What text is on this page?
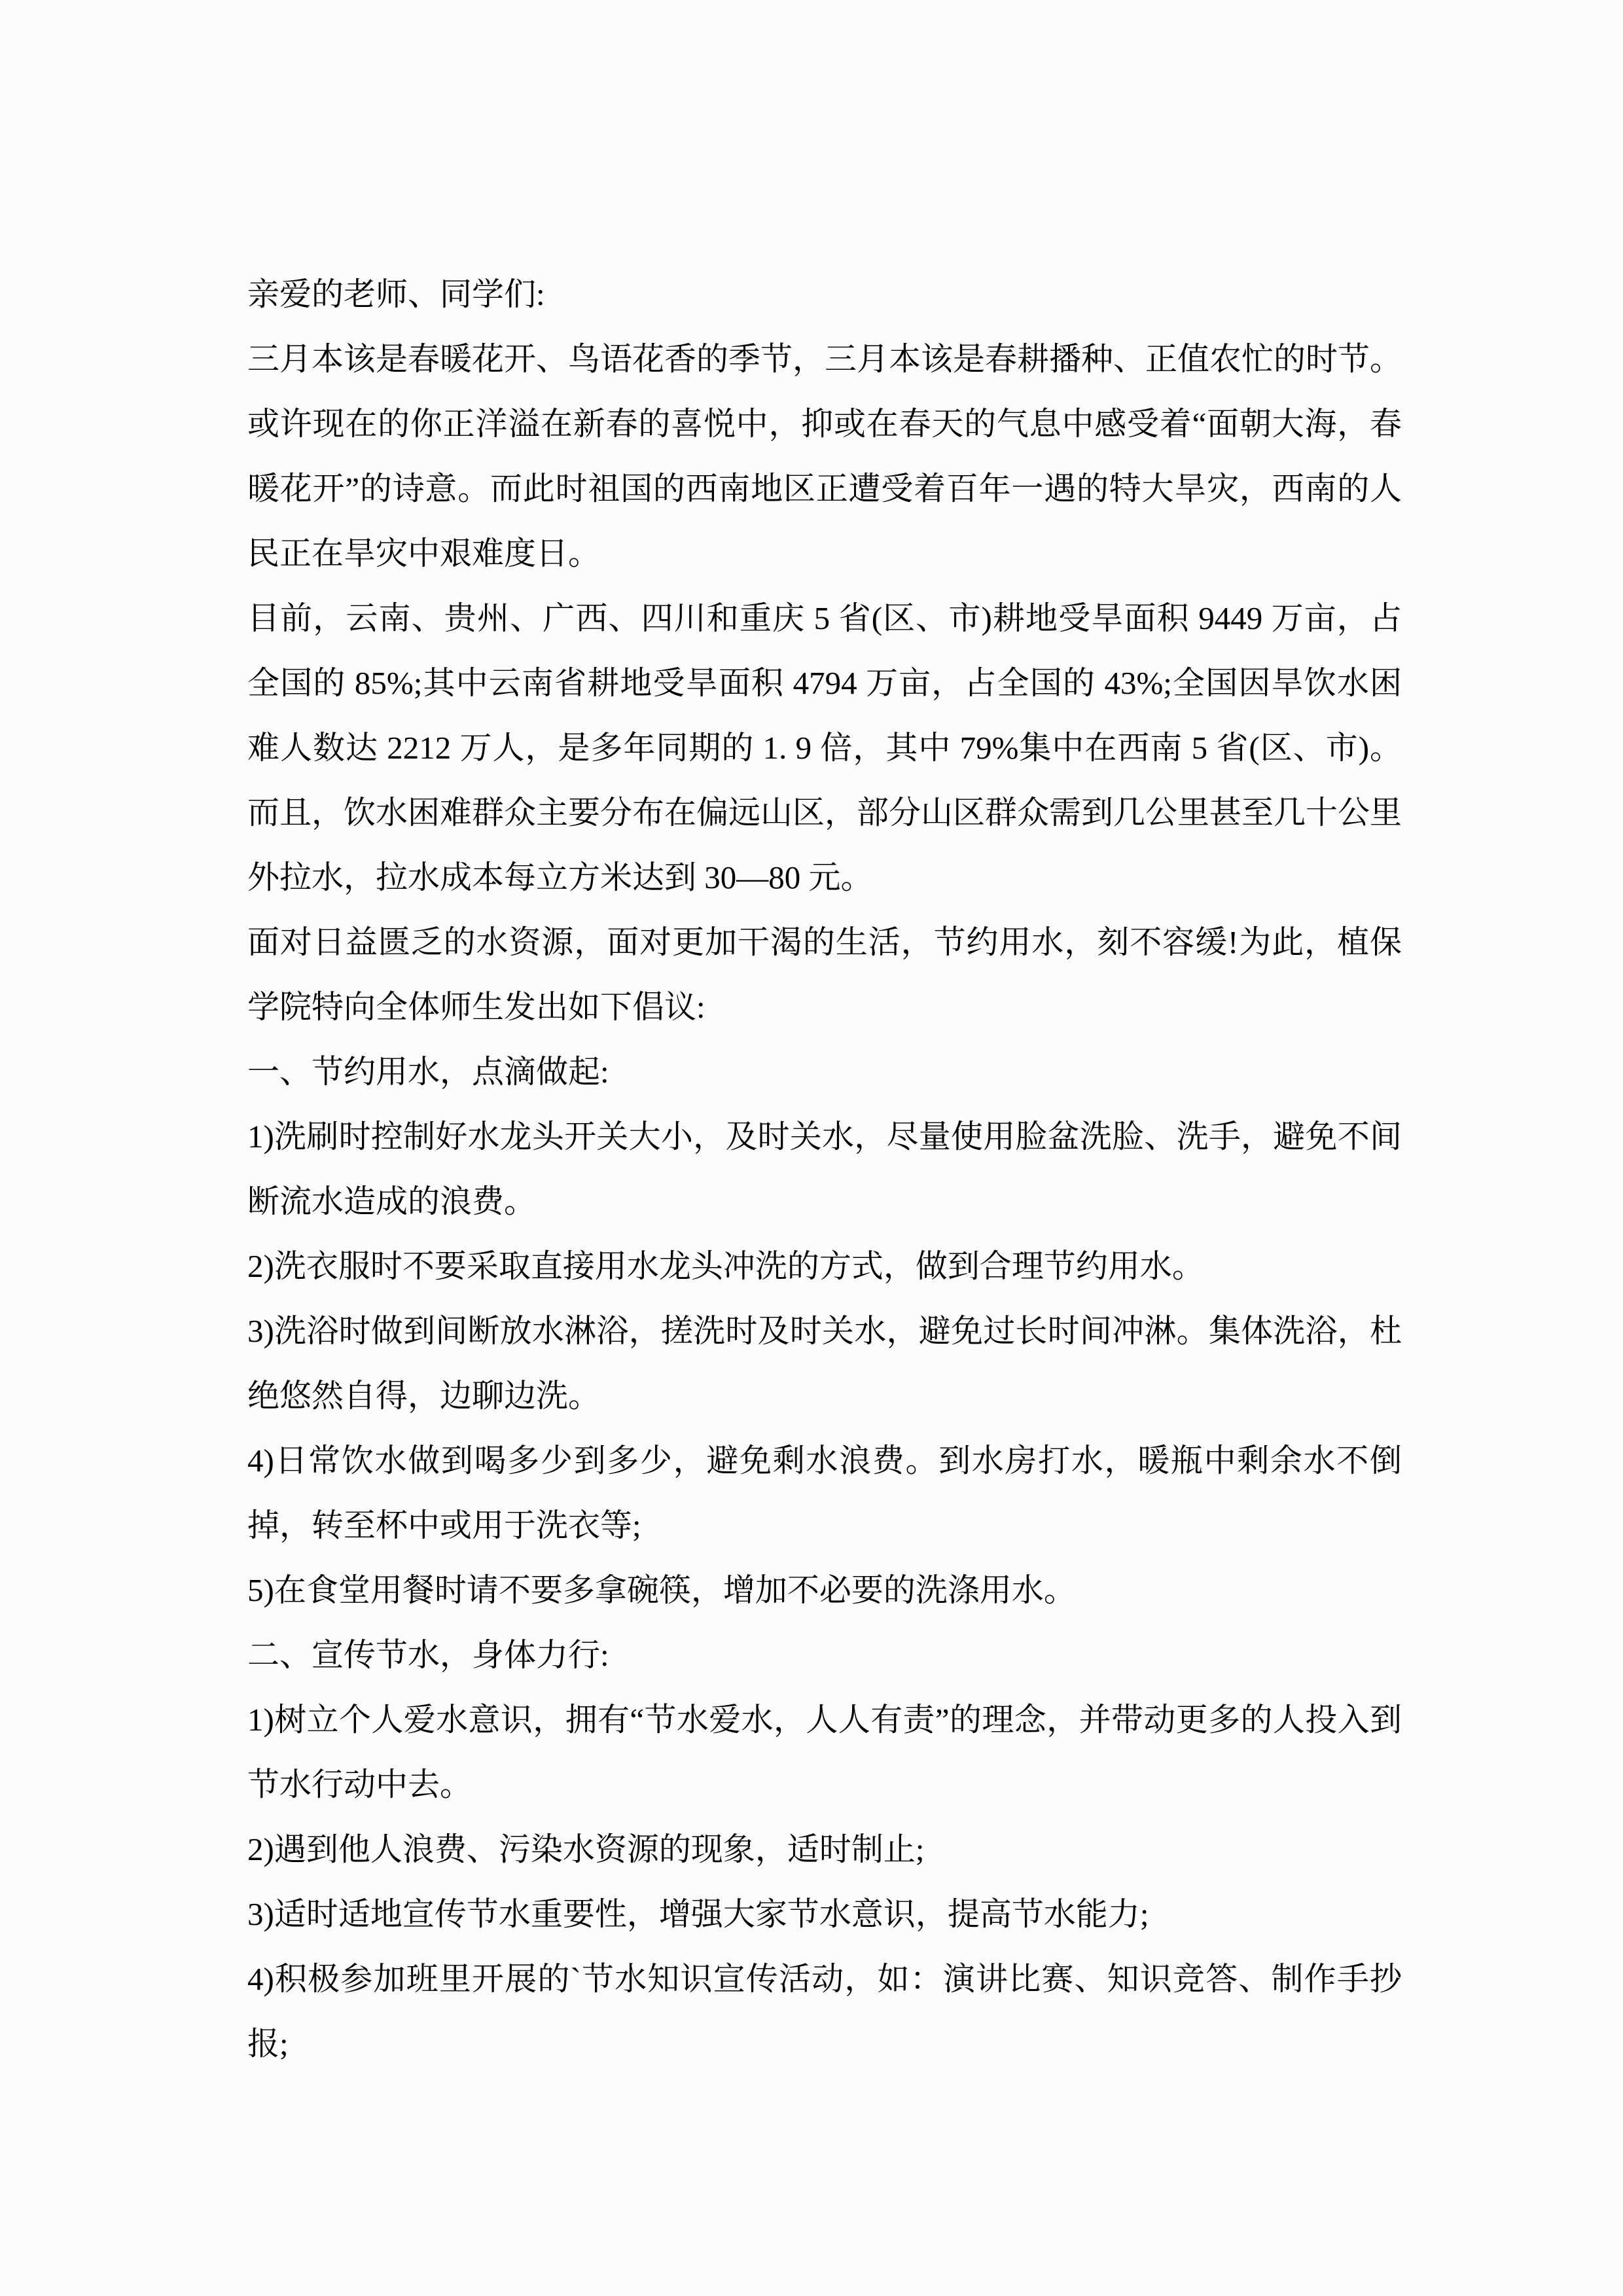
亲爱的老师、同学们:

三月本该是春暖花开、鸟语花香的季节，三月本该是春耕播种、正值农忙的时节。或许现在的你正洋溢在新春的喜悦中，抑或在春天的气息中感受着“面朝大海，春暖花开”的诗意。而此时祖国的西南地区正遭受着百年一遇的特大旱灾，西南的人民正在旱灾中艰难度日。

目前，云南、贵州、广西、四川和重庆 5 省(区、市)耕地受旱面积 9449 万亩，占全国的 85%;其中云南省耕地受旱面积 4794 万亩，占全国的 43%;全国因旱饮水困难人数达 2212 万人，是多年同期的 1. 9 倍，其中 79%集中在西南 5 省(区、市)。而且，饮水困难群众主要分布在偏远山区，部分山区群众需到几公里甚至几十公里外拉水，拉水成本每立方米达到 30—80 元。

面对日益匮乏的水资源，面对更加干渴的生活，节约用水，刻不容缓!为此，植保学院特向全体师生发出如下倡议:

一、节约用水，点滴做起:

1)洗刷时控制好水龙头开关大小，及时关水，尽量使用脸盆洗脸、洗手，避免不间断流水造成的浪费。

2)洗衣服时不要采取直接用水龙头冲洗的方式，做到合理节约用水。

3)洗浴时做到间断放水淋浴，搓洗时及时关水，避免过长时间冲淋。集体洗浴，杜绝悠然自得，边聊边洗。

4)日常饮水做到喝多少到多少，避免剩水浪费。到水房打水，暖瓶中剩余水不倒掉，转至杯中或用于洗衣等;

5)在食堂用餐时请不要多拿碗筷，增加不必要的洗涤用水。

二、宣传节水，身体力行:

1)树立个人爱水意识，拥有“节水爱水，人人有责”的理念，并带动更多的人投入到节水行动中去。

2)遇到他人浪费、污染水资源的现象，适时制止;

3)适时适地宣传节水重要性，增强大家节水意识，提高节水能力;

4)积极参加班里开展的`节水知识宣传活动，如：演讲比赛、知识竞答、制作手抄报;
